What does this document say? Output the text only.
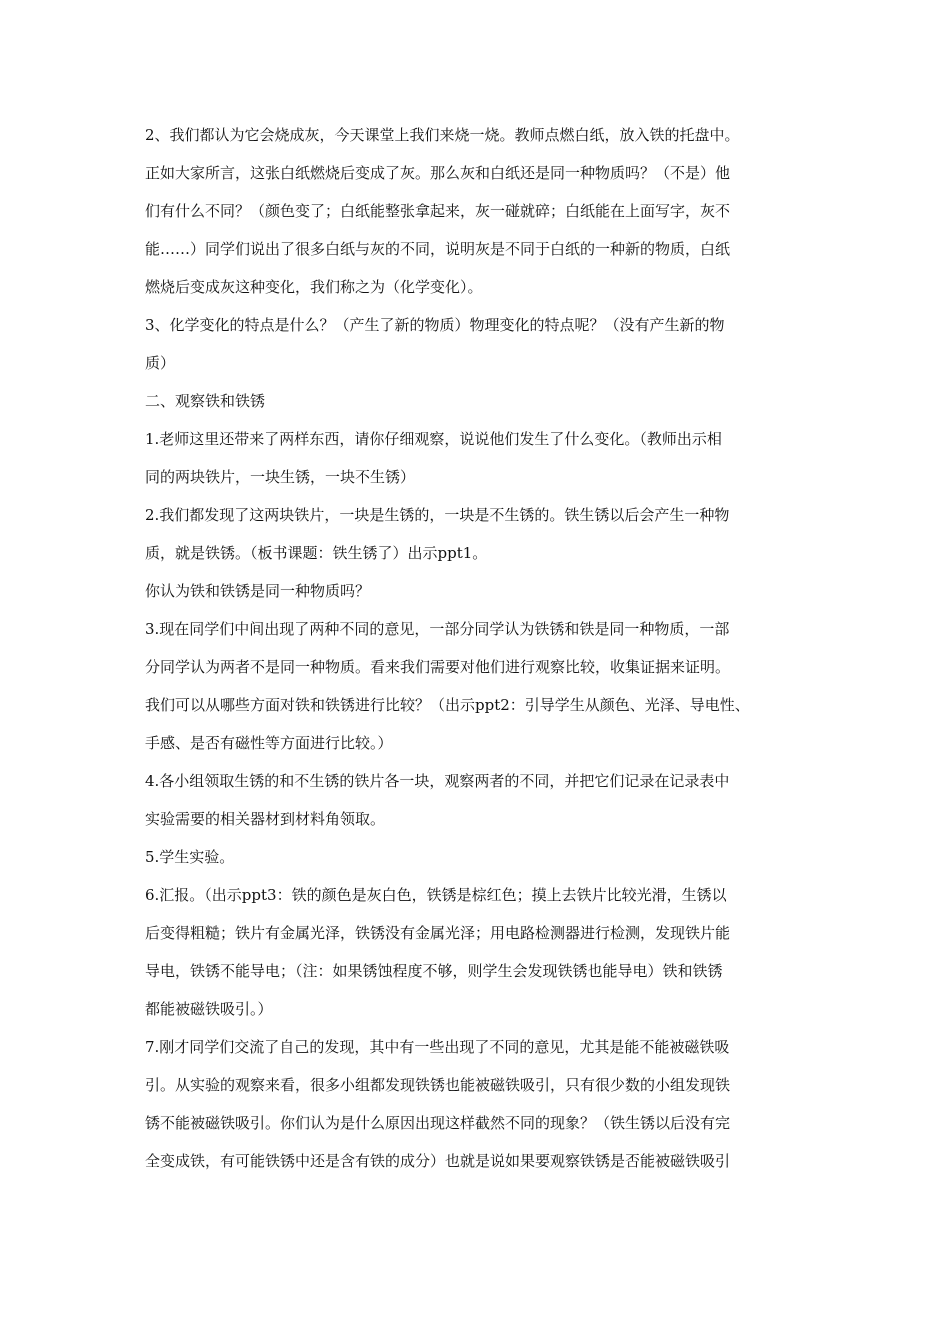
2、我们都认为它会烧成灰，今天课堂上我们来烧一烧。教师点燃白纸，放入铁的托盘中。
正如大家所言，这张白纸燃烧后变成了灰。那么灰和白纸还是同一种物质吗？（不是）他
们有什么不同？（颜色变了；白纸能整张拿起来，灰一碰就碎；白纸能在上面写字，灰不
能……）同学们说出了很多白纸与灰的不同，说明灰是不同于白纸的一种新的物质，白纸
燃烧后变成灰这种变化，我们称之为（化学变化）。
3、化学变化的特点是什么？（产生了新的物质）物理变化的特点呢？（没有产生新的物
质）
二、观察铁和铁锈
1.老师这里还带来了两样东西，请你仔细观察，说说他们发生了什么变化。（教师出示相
同的两块铁片，一块生锈，一块不生锈）
2.我们都发现了这两块铁片，一块是生锈的，一块是不生锈的。铁生锈以后会产生一种物
质，就是铁锈。（板书课题：铁生锈了）出示ppt1。
你认为铁和铁锈是同一种物质吗？
3.现在同学们中间出现了两种不同的意见，一部分同学认为铁锈和铁是同一种物质，一部
分同学认为两者不是同一种物质。看来我们需要对他们进行观察比较，收集证据来证明。
我们可以从哪些方面对铁和铁锈进行比较？（出示ppt2：引导学生从颜色、光泽、导电性、
手感、是否有磁性等方面进行比较。）
4.各小组领取生锈的和不生锈的铁片各一块，观察两者的不同，并把它们记录在记录表中
实验需要的相关器材到材料角领取。
5.学生实验。
6.汇报。（出示ppt3：铁的颜色是灰白色，铁锈是棕红色；摸上去铁片比较光滑，生锈以
后变得粗糙；铁片有金属光泽，铁锈没有金属光泽；用电路检测器进行检测，发现铁片能
导电，铁锈不能导电；（注：如果锈蚀程度不够，则学生会发现铁锈也能导电）铁和铁锈
都能被磁铁吸引。）
7.刚才同学们交流了自己的发现，其中有一些出现了不同的意见，尤其是能不能被磁铁吸
引。从实验的观察来看，很多小组都发现铁锈也能被磁铁吸引，只有很少数的小组发现铁
锈不能被磁铁吸引。你们认为是什么原因出现这样截然不同的现象？（铁生锈以后没有完
全变成铁，有可能铁锈中还是含有铁的成分）也就是说如果要观察铁锈是否能被磁铁吸引
